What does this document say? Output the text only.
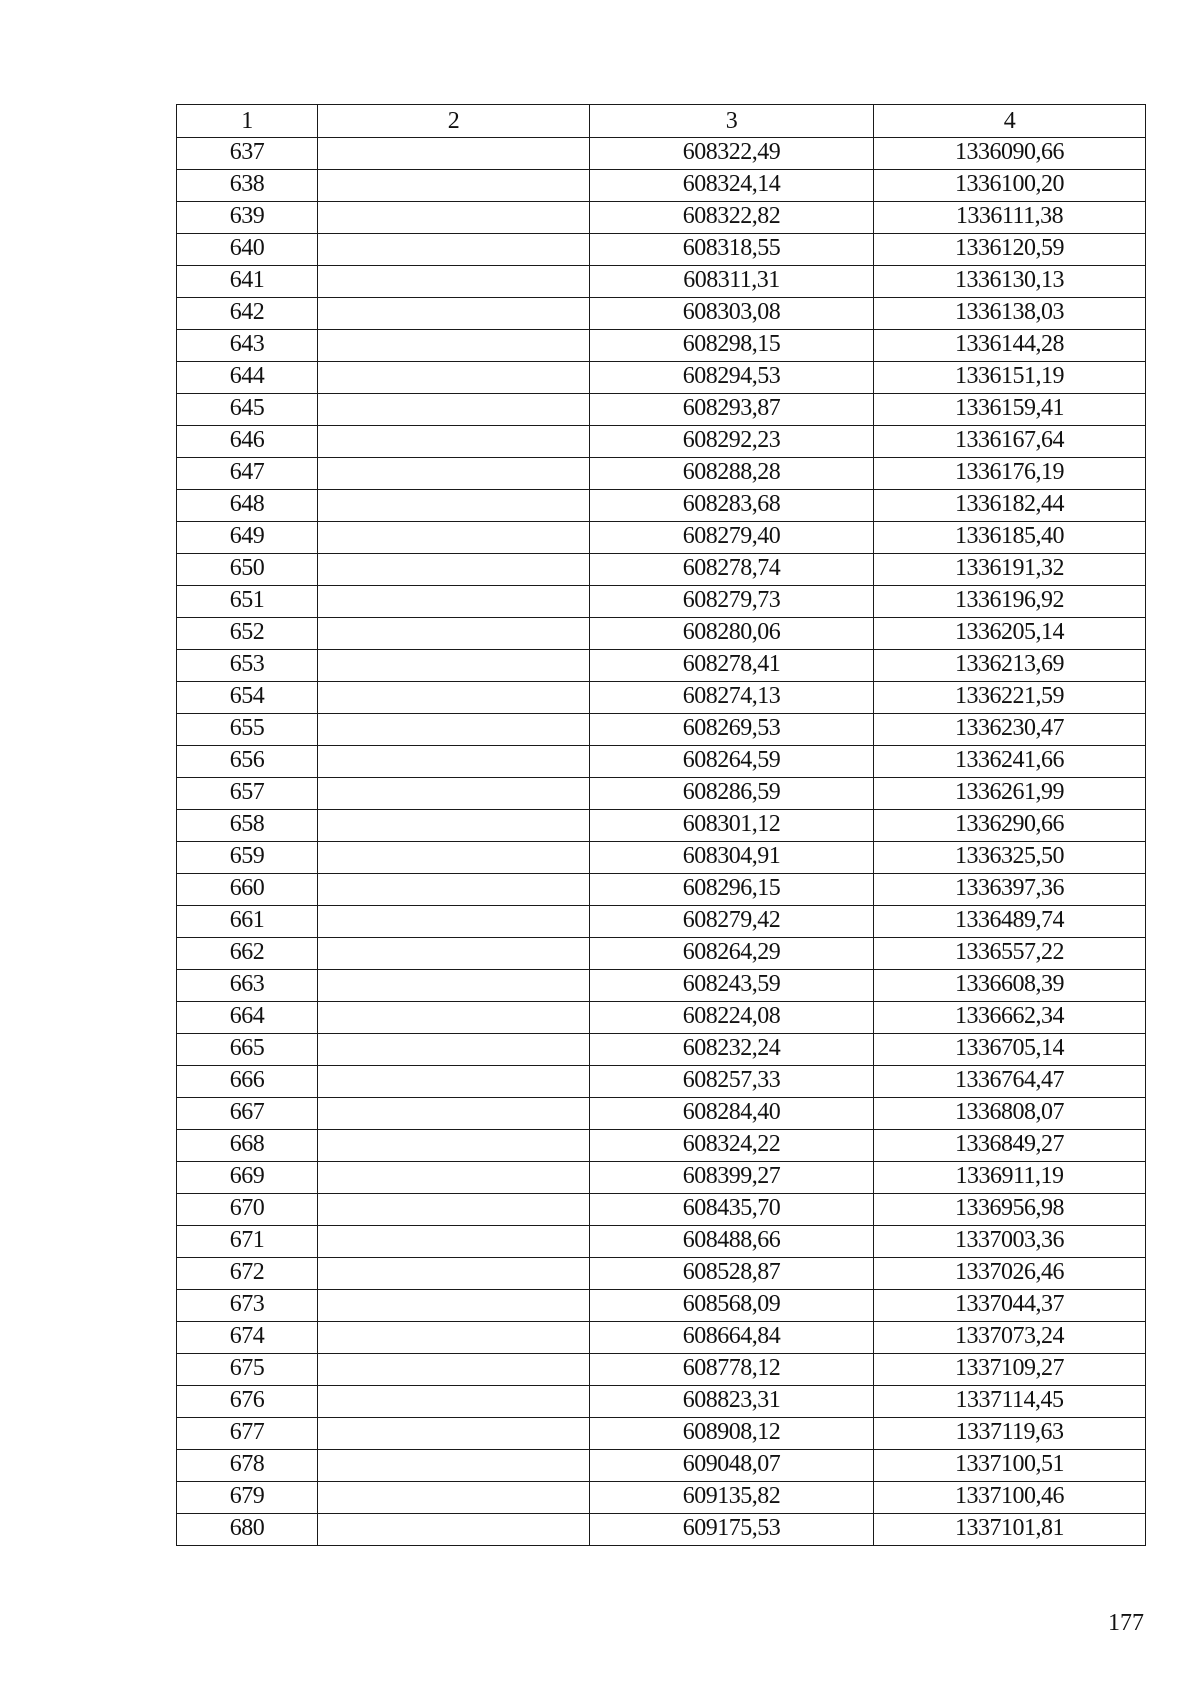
1	2	3	4
637		608322,49	1336090,66
638		608324,14	1336100,20
639		608322,82	1336111,38
640		608318,55	1336120,59
641		608311,31	1336130,13
642		608303,08	1336138,03
643		608298,15	1336144,28
644		608294,53	1336151,19
645		608293,87	1336159,41
646		608292,23	1336167,64
647		608288,28	1336176,19
648		608283,68	1336182,44
649		608279,40	1336185,40
650		608278,74	1336191,32
651		608279,73	1336196,92
652		608280,06	1336205,14
653		608278,41	1336213,69
654		608274,13	1336221,59
655		608269,53	1336230,47
656		608264,59	1336241,66
657		608286,59	1336261,99
658		608301,12	1336290,66
659		608304,91	1336325,50
660		608296,15	1336397,36
661		608279,42	1336489,74
662		608264,29	1336557,22
663		608243,59	1336608,39
664		608224,08	1336662,34
665		608232,24	1336705,14
666		608257,33	1336764,47
667		608284,40	1336808,07
668		608324,22	1336849,27
669		608399,27	1336911,19
670		608435,70	1336956,98
671		608488,66	1337003,36
672		608528,87	1337026,46
673		608568,09	1337044,37
674		608664,84	1337073,24
675		608778,12	1337109,27
676		608823,31	1337114,45
677		608908,12	1337119,63
678		609048,07	1337100,51
679		609135,82	1337100,46
680		609175,53	1337101,81
177
